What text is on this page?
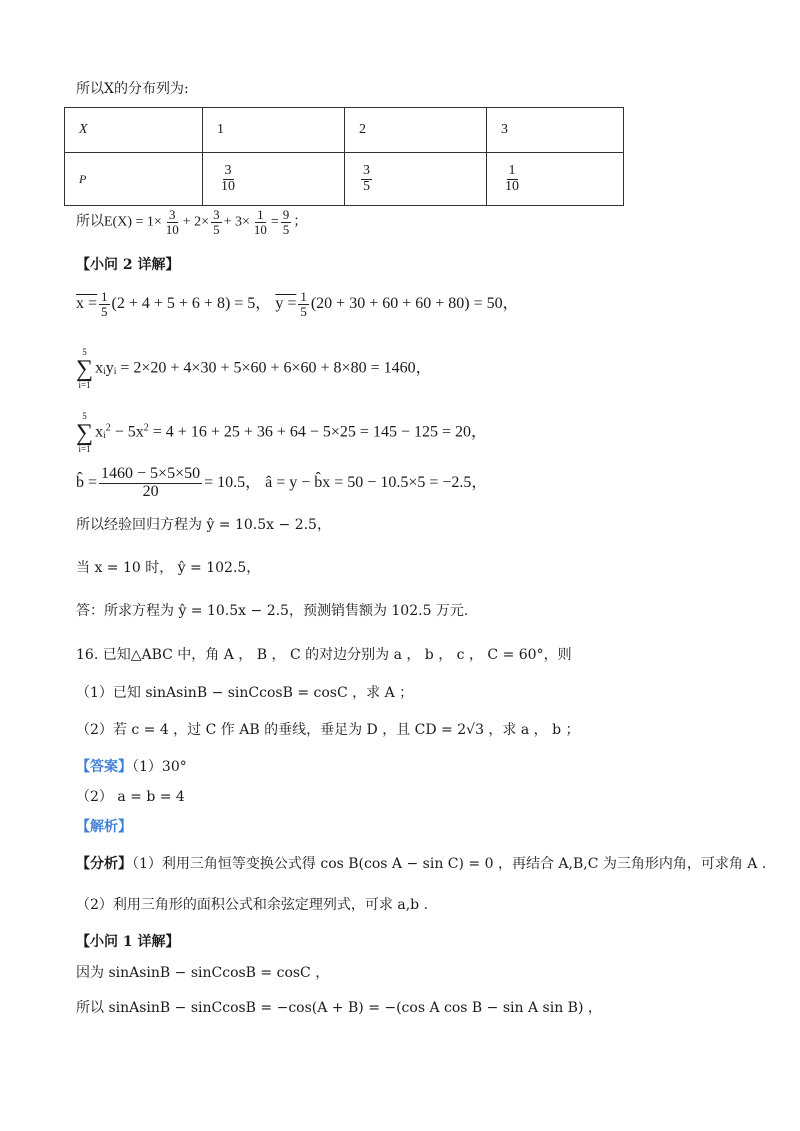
所以X的分布列为:
X	1	2	3
P	$\frac{3}{10}$	$\frac{3}{5}$	$\frac{1}{10}$
所以$E(X) = 1\times \frac{3}{10} + 2\times \frac{3}{5} + 3\times \frac{1}{10} = \frac{9}{5}$ ；
【小问 2 详解】
$x = \frac{1}{5} (2 + 4 + 5 + 6 + 8) = 5$， $y = \frac{1}{5} (20 + 30 + 60 + 60 + 80) = 50$，
5
∑
i=1
xᵢyᵢ = 2×20 + 4×30 + 5×60 + 6×60 + 8×80 = 1460，
5
∑
i=1
xᵢ$^2$ − $5x^2 = 4 + 16 + 25 + 36 + 64 - 5\times 25 = 145 - 125 = 20$，
b̂ = $\frac{1460 - 5\times 5\times 50}{20} = 10.5$， â = y − b̂x = 50 − 10.5×5 = −2.5，
所以经验回归方程为 ŷ = 10.5x − 2.5，
当 x = 10 时， ŷ = 102.5，
答：所求方程为 ŷ = 10.5x − 2.5，预测销售额为 102.5 万元.
16. 已知△ABC 中，角 A ， B ， C 的对边分别为 a ， b ， c ， C = 60°，则
（1）已知 sinAsinB − sinCcosB = cosC ，求 A ；
（2）若 c = 4 ，过 C 作 AB 的垂线，垂足为 D ，且 CD = 2√3 ，求 a ， b ；
【答案】（1）30°
（2） a = b = 4
【解析】
【分析】（1）利用三角恒等变换公式得 cos B(cos A − sin C) = 0 ，再结合 A,B,C 为三角形内角，可求角 A .
（2）利用三角形的面积公式和余弦定理列式，可求 a,b .
【小问 1 详解】
因为 sinAsinB − sinCcosB = cosC ，
所以 sinAsinB − sinCcosB = −cos(A + B) = −(cos A cos B − sin A sin B) ，
